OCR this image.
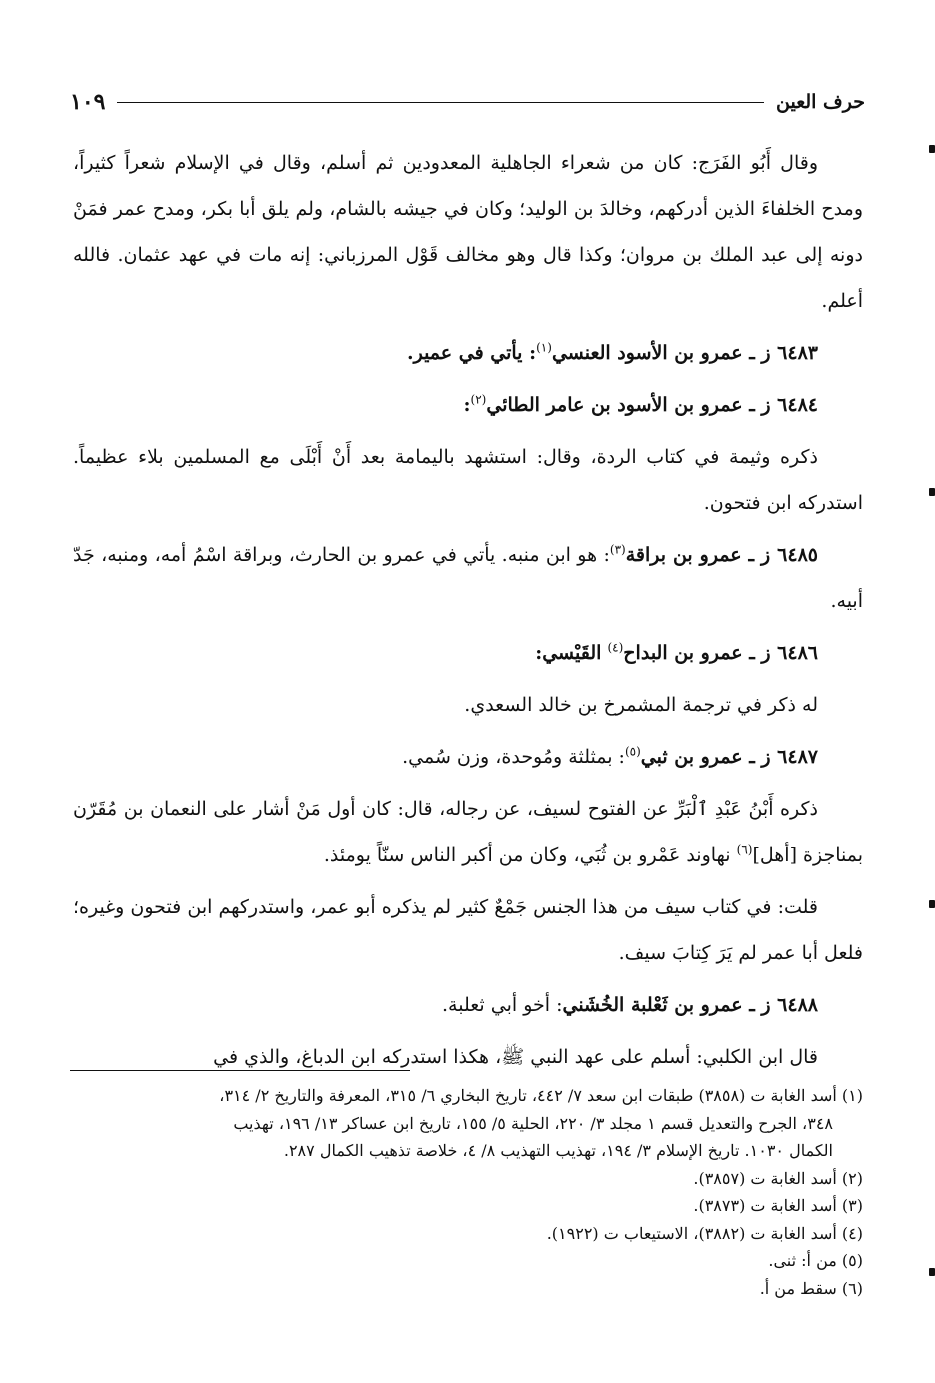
حرف العين
١٠٩

وقال أَبُو الفَرَج: كان من شعراء الجاهلية المعدودين ثم أسلم، وقال في الإسلام شعراً كثيراً، ومدح الخلفاءَ الذين أدركهم، وخالدَ بن الوليد؛ وكان في جيشه بالشام، ولم يلق أبا بكر، ومدح عمر فمَنْ دونه إلى عبد الملك بن مروان؛ وكذا قال وهو مخالف قَوْل المرزباني: إنه مات في عهد عثمان. فالله أعلم.

٦٤٨٣ ز ـ عمرو بن الأسود العنسي$^{(١)}$: يأتي في عمير.

٦٤٨٤ ز ـ عمرو بن الأسود بن عامر الطائي$^{(٢)}$:

ذكره وثيمة في كتاب الردة، وقال: استشهد باليمامة بعد أَنْ أَبْلَى مع المسلمين بلاء عظيماً. استدركه ابن فتحون.

٦٤٨٥ ز ـ عمرو بن براقة$^{(٣)}$: هو ابن منبه. يأتي في عمرو بن الحارث، وبراقة اسْمُ أمه، ومنبه، جَدّ أبيه.

٦٤٨٦ ز ـ عمرو بن البداح$^{(٤)}$ القَيْسي:

له ذكر في ترجمة المشمرخ بن خالد السعدي.

٦٤٨٧ ز ـ عمرو بن ثبي$^{(٥)}$: بمثلثة ومُوحدة، وزن سُمي.

ذكره أَبْنُ عَبْدِ ٱلْبَرِّ عن الفتوح لسيف، عن رجاله، قال: كان أول مَنْ أشار على النعمان بن مُقَرّن بمناجزة [أهل]$^{(٦)}$ نهاوند عَمْرو بن ثُبَي، وكان من أكبر الناس سنّاً يومئذ.

قلت: في كتاب سيف من هذا الجنس جَمْعٌ كثير لم يذكره أبو عمر، واستدركهم ابن فتحون وغيره؛ فلعل أبا عمر لم يَرَ كِتابَ سيف.

٦٤٨٨ ز ـ عمرو بن ثَعْلبة الخُشَني: أخو أبي ثعلبة.

قال ابن الكلبي: أسلم على عهد النبي ﷺ، هكذا استدركه ابن الدباغ، والذي في

(١) أسد الغابة ت (٣٨٥٨) طبقات ابن سعد ٧/ ٤٤٢، تاريخ البخاري ٦/ ٣١٥، المعرفة والتاريخ ٢/ ٣١٤،

٣٤٨، الجرح والتعديل قسم ١ مجلد ٣/ ٢٢٠، الحلية ٥/ ١٥٥، تاريخ ابن عساكر ١٣/ ١٩٦، تهذيب

الكمال ١٠٣٠. تاريخ الإسلام ٣/ ١٩٤، تهذيب التهذيب ٨/ ٤، خلاصة تذهيب الكمال ٢٨٧.

(٢) أسد الغابة ت (٣٨٥٧).

(٣) أسد الغابة ت (٣٨٧٣).

(٤) أسد الغابة ت (٣٨٨٢)، الاستيعاب ت (١٩٢٢).

(٥) من أ: ثنى.

(٦) سقط من أ.
